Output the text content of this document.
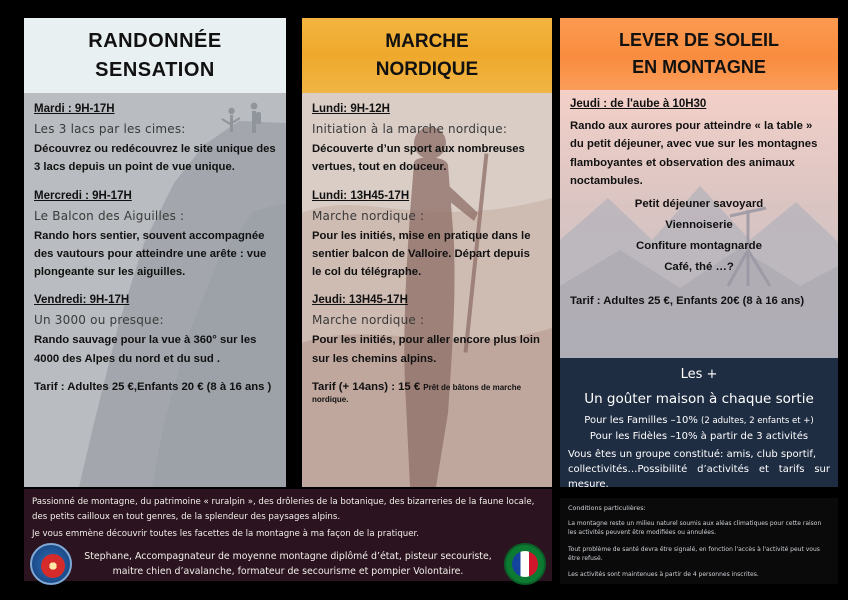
RANDONNÉE
SENSATION
Mardi : 9H-17H
Les 3 lacs par les cimes:
Découvrez ou redécouvrez le site unique des 3 lacs depuis un point de vue unique.
Mercredi : 9H-17H
Le Balcon des Aiguilles :
Rando hors sentier, souvent accompagnée des vautours pour atteindre une arête : vue plongeante sur les aiguilles.
Vendredi: 9H-17H
Un 3000 ou presque:
Rando sauvage pour la vue à 360° sur les 4000 des Alpes du nord et du sud .
Tarif : Adultes 25 €,Enfants 20 € (8 à 16 ans )
MARCHE
NORDIQUE
Lundi: 9H-12H
Initiation à la marche nordique:
Découverte d’un sport aux nombreuses vertues, tout en douceur.
Lundi: 13H45-17H
Marche nordique :
Pour les initiés, mise en pratique dans le sentier balcon de Valloire. Départ depuis le col du télégraphe.
Jeudi: 13H45-17H
Marche nordique :
Pour les initiés, pour aller encore plus loin sur les chemins alpins.
Tarif (+ 14ans) : 15 € Prêt de bâtons de marche nordique.
LEVER DE SOLEIL
EN MONTAGNE
Jeudi : de l'aube à 10H30
Rando aux aurores pour atteindre « la table » du petit déjeuner, avec vue sur les montagnes flamboyantes et observation des animaux noctambules.
Petit déjeuner savoyard
Viennoiserie
Confiture montagnarde
Café, thé …?
Tarif : Adultes 25 €, Enfants 20€ (8 à 16 ans)
Les +
Un goûter maison à chaque sortie
Pour les Familles –10% (2 adultes, 2 enfants et +)
Pour les Fidèles –10% à partir de 3 activités
Vous êtes un groupe constitué: amis, club sportif,
collectivités…Possibilité d’activités et tarifs sur mesure.
Passionné de montagne, du patrimoine « ruralpin », des drôleries de la botanique, des bizarreries de la faune locale, des petits cailloux en tout genres, de la splendeur des paysages alpins.
Je vous emmène découvrir toutes les facettes de la montagne à ma façon de la pratiquer.
Stephane, Accompagnateur de moyenne montagne diplômé d’état, pisteur secouriste,
maitre chien d’avalanche, formateur de secourisme et pompier Volontaire.
Conditions particulières:
La montagne reste un milieu naturel soumis aux aléas climatiques pour cette raison les activités peuvent être modifiées ou annulées.
Tout problème de santé devra être signalé, en fonction l'accès à l'activité peut vous être refusé.
Les activités sont maintenues à partir de 4 personnes inscrites.
